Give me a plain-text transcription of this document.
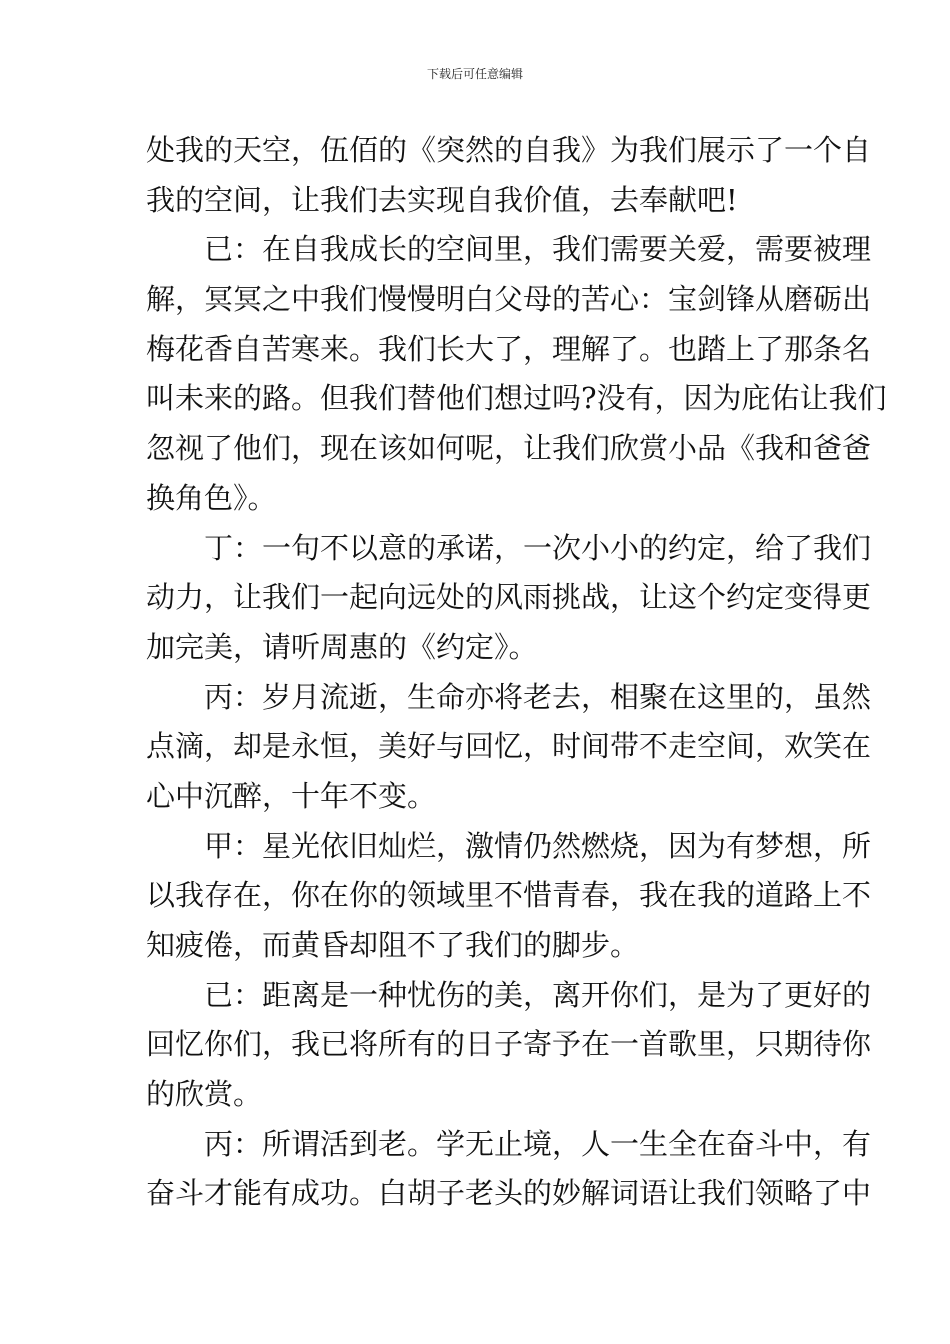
下载后可任意编辑
处我的天空，伍佰的《突然的自我》为我们展示了一个自
我的空间，让我们去实现自我价值，去奉献吧!
已：在自我成长的空间里，我们需要关爱，需要被理
解，冥冥之中我们慢慢明白父母的苦心：宝剑锋从磨砺出
梅花香自苦寒来。我们长大了，理解了。也踏上了那条名
叫未来的路。但我们替他们想过吗?没有，因为庇佑让我们
忽视了他们，现在该如何呢，让我们欣赏小品《我和爸爸
换角色》。
丁：一句不以意的承诺，一次小小的约定，给了我们
动力，让我们一起向远处的风雨挑战，让这个约定变得更
加完美，请听周惠的《约定》。
丙：岁月流逝，生命亦将老去，相聚在这里的，虽然
点滴，却是永恒，美好与回忆，时间带不走空间，欢笑在
心中沉醉，十年不变。
甲：星光依旧灿烂，激情仍然燃烧，因为有梦想，所
以我存在，你在你的领域里不惜青春，我在我的道路上不
知疲倦，而黄昏却阻不了我们的脚步。
已：距离是一种忧伤的美，离开你们，是为了更好的
回忆你们，我已将所有的日子寄予在一首歌里，只期待你
的欣赏。
丙：所谓活到老。学无止境，人一生全在奋斗中，有
奋斗才能有成功。白胡子老头的妙解词语让我们领略了中
